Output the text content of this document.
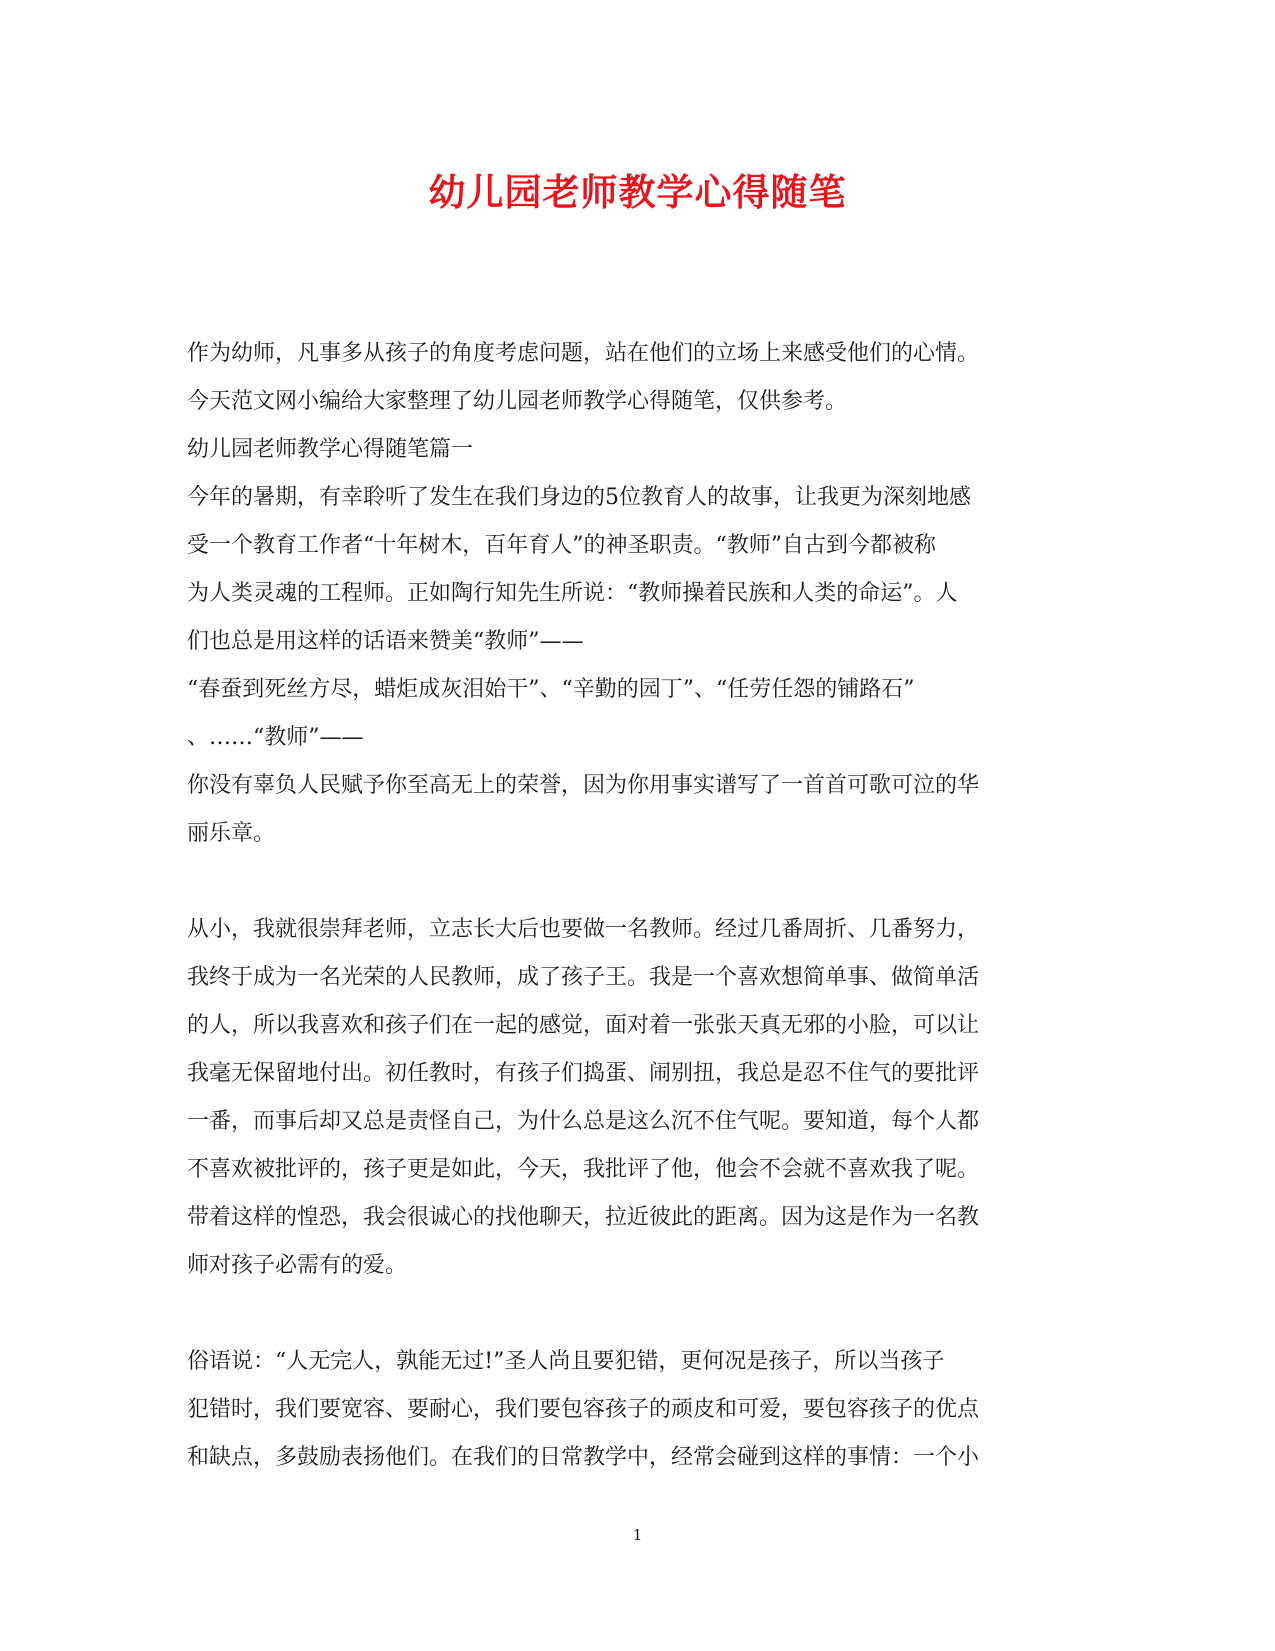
幼儿园老师教学心得随笔
作为幼师，凡事多从孩子的角度考虑问题，站在他们的立场上来感受他们的心情。
今天范文网小编给大家整理了幼儿园老师教学心得随笔，仅供参考。
幼儿园老师教学心得随笔篇一
今年的暑期，有幸聆听了发生在我们身边的5位教育人的故事，让我更为深刻地感
受一个教育工作者“十年树木，百年育人”的神圣职责。“教师”自古到今都被称
为人类灵魂的工程师。正如陶行知先生所说：“教师操着民族和人类的命运”。人
们也总是用这样的话语来赞美“教师”——
“春蚕到死丝方尽，蜡炬成灰泪始干”、“辛勤的园丁”、“任劳任怨的铺路石”
、……“教师”——
你没有辜负人民赋予你至高无上的荣誉，因为你用事实谱写了一首首可歌可泣的华
丽乐章。
从小，我就很崇拜老师，立志长大后也要做一名教师。经过几番周折、几番努力，
我终于成为一名光荣的人民教师，成了孩子王。我是一个喜欢想简单事、做简单活
的人，所以我喜欢和孩子们在一起的感觉，面对着一张张天真无邪的小脸，可以让
我毫无保留地付出。初任教时，有孩子们捣蛋、闹别扭，我总是忍不住气的要批评
一番，而事后却又总是责怪自己，为什么总是这么沉不住气呢。要知道，每个人都
不喜欢被批评的，孩子更是如此，今天，我批评了他，他会不会就不喜欢我了呢。
带着这样的惶恐，我会很诚心的找他聊天，拉近彼此的距离。因为这是作为一名教
师对孩子必需有的爱。
俗语说：“人无完人，孰能无过!”圣人尚且要犯错，更何况是孩子，所以当孩子
犯错时，我们要宽容、要耐心，我们要包容孩子的顽皮和可爱，要包容孩子的优点
和缺点，多鼓励表扬他们。在我们的日常教学中，经常会碰到这样的事情：一个小
1
